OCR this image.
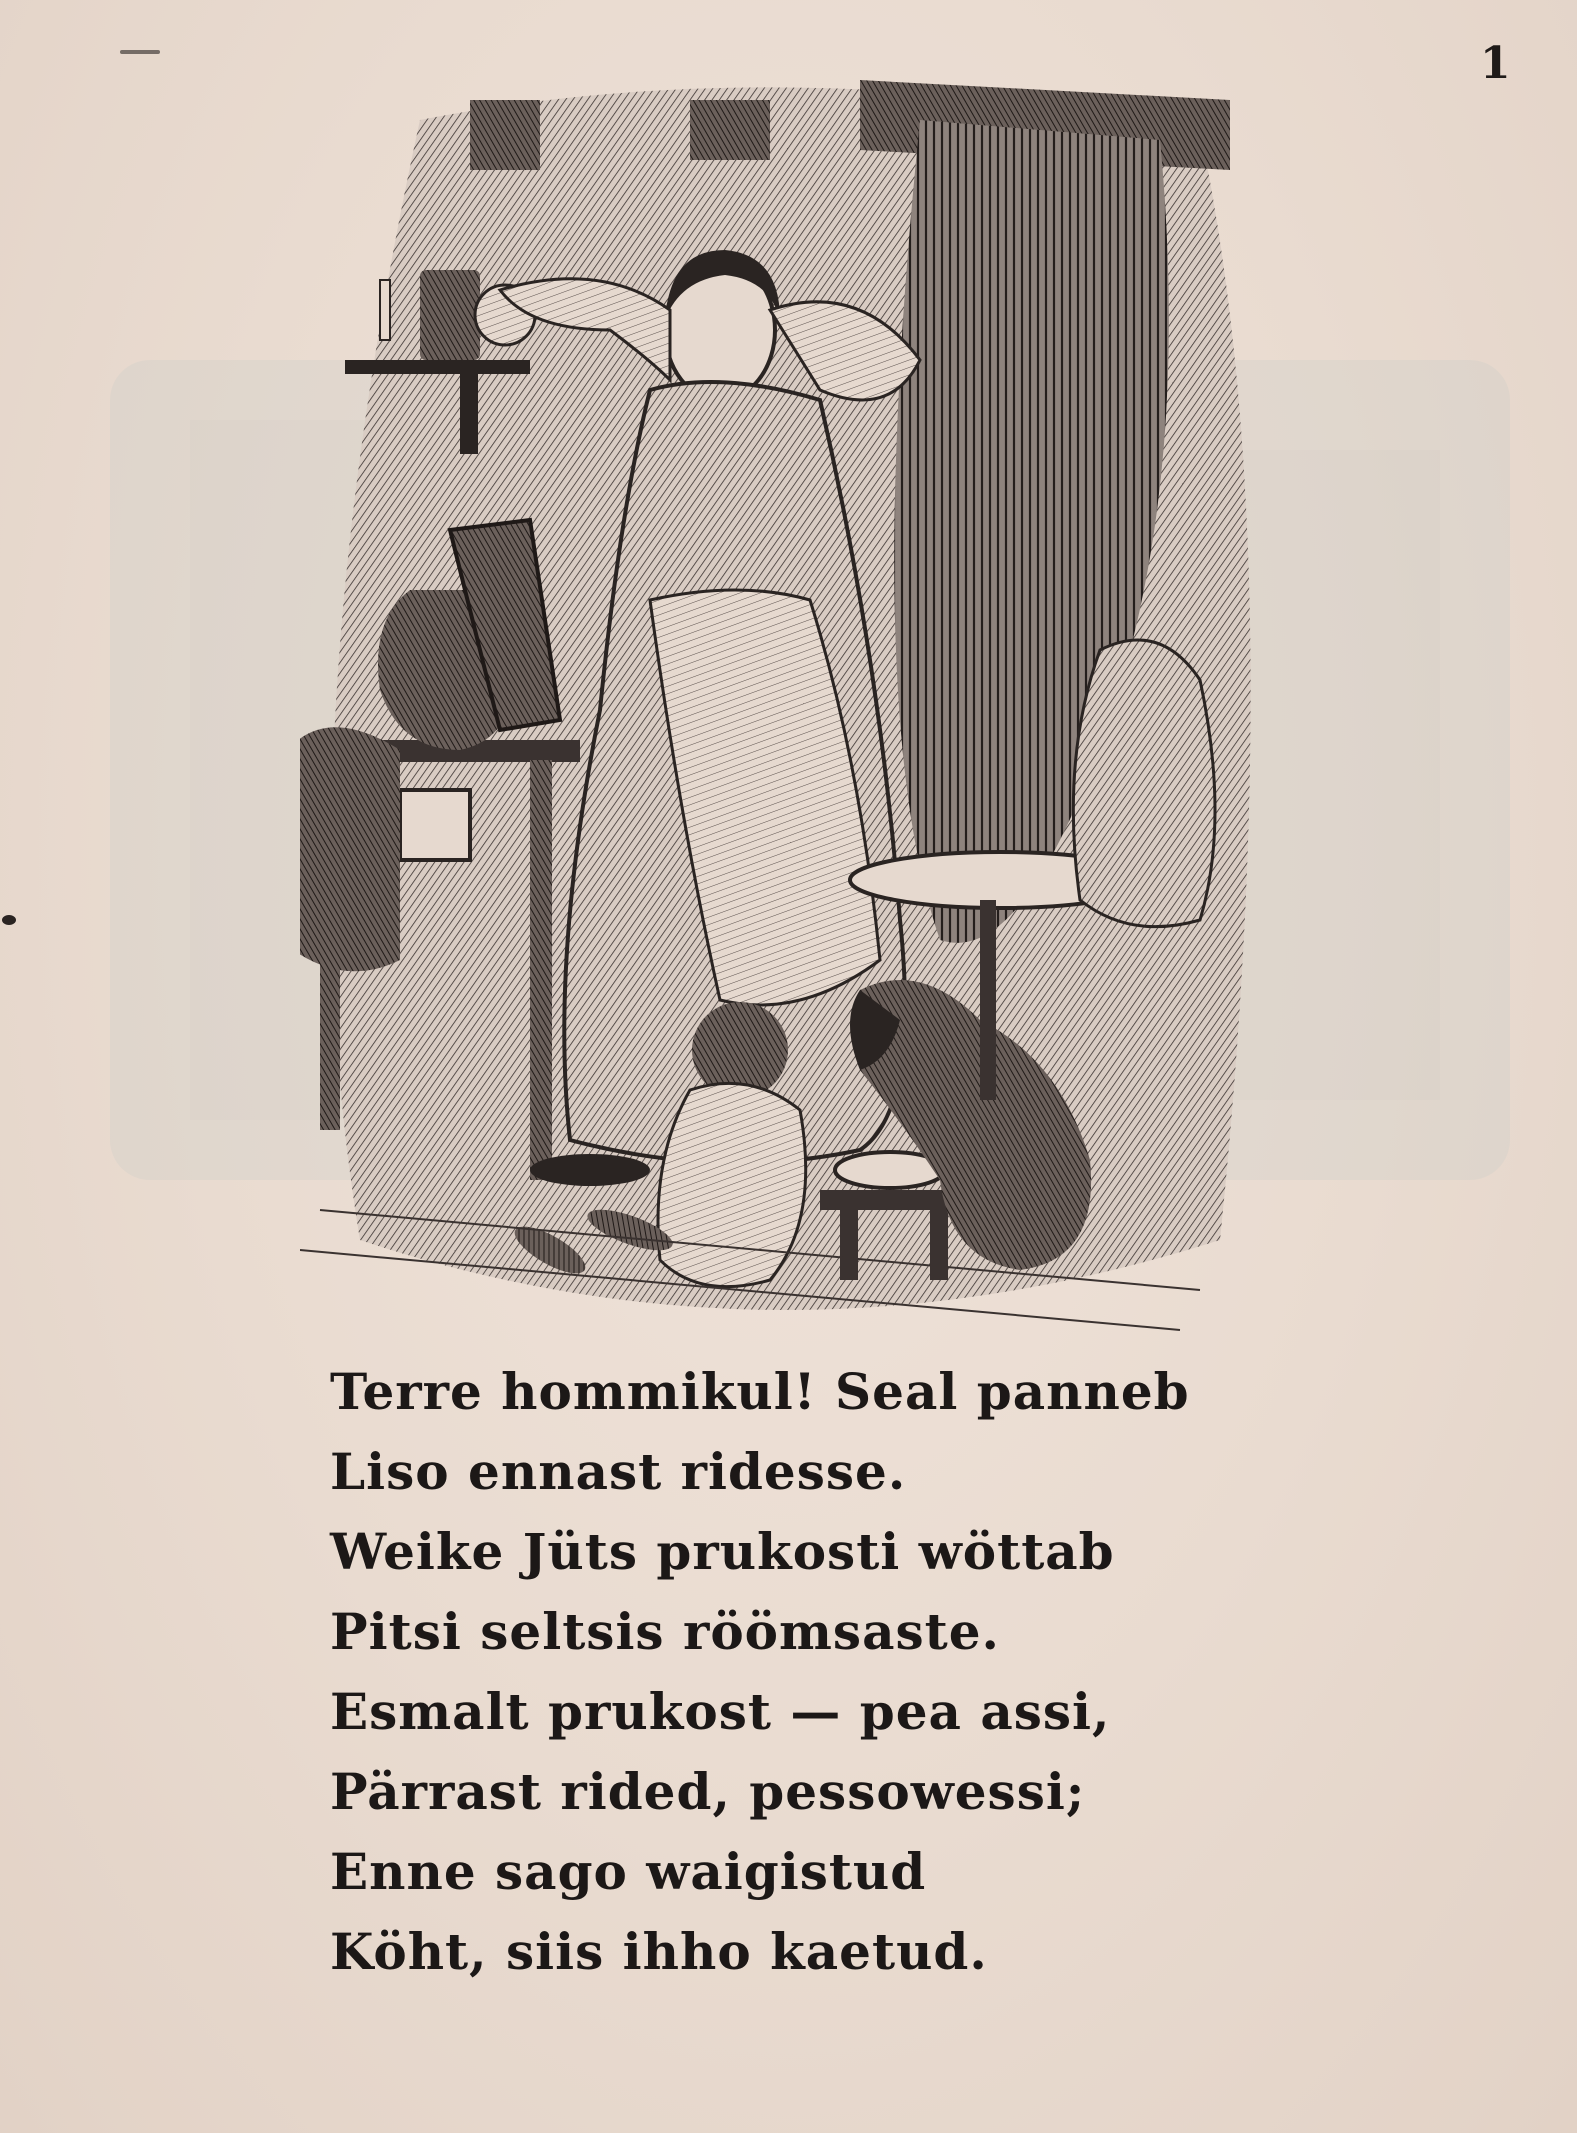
1
Terre hommikul! Seal panneb
Liso ennast ridesse.
Weike Jüts prukosti wöttab
Pitsi seltsis röömsaste.
Esmalt prukost — pea assi,
Pärrast rided, pessowessi;
Enne sago waigistud
Köht, siis ihho kaetud.
